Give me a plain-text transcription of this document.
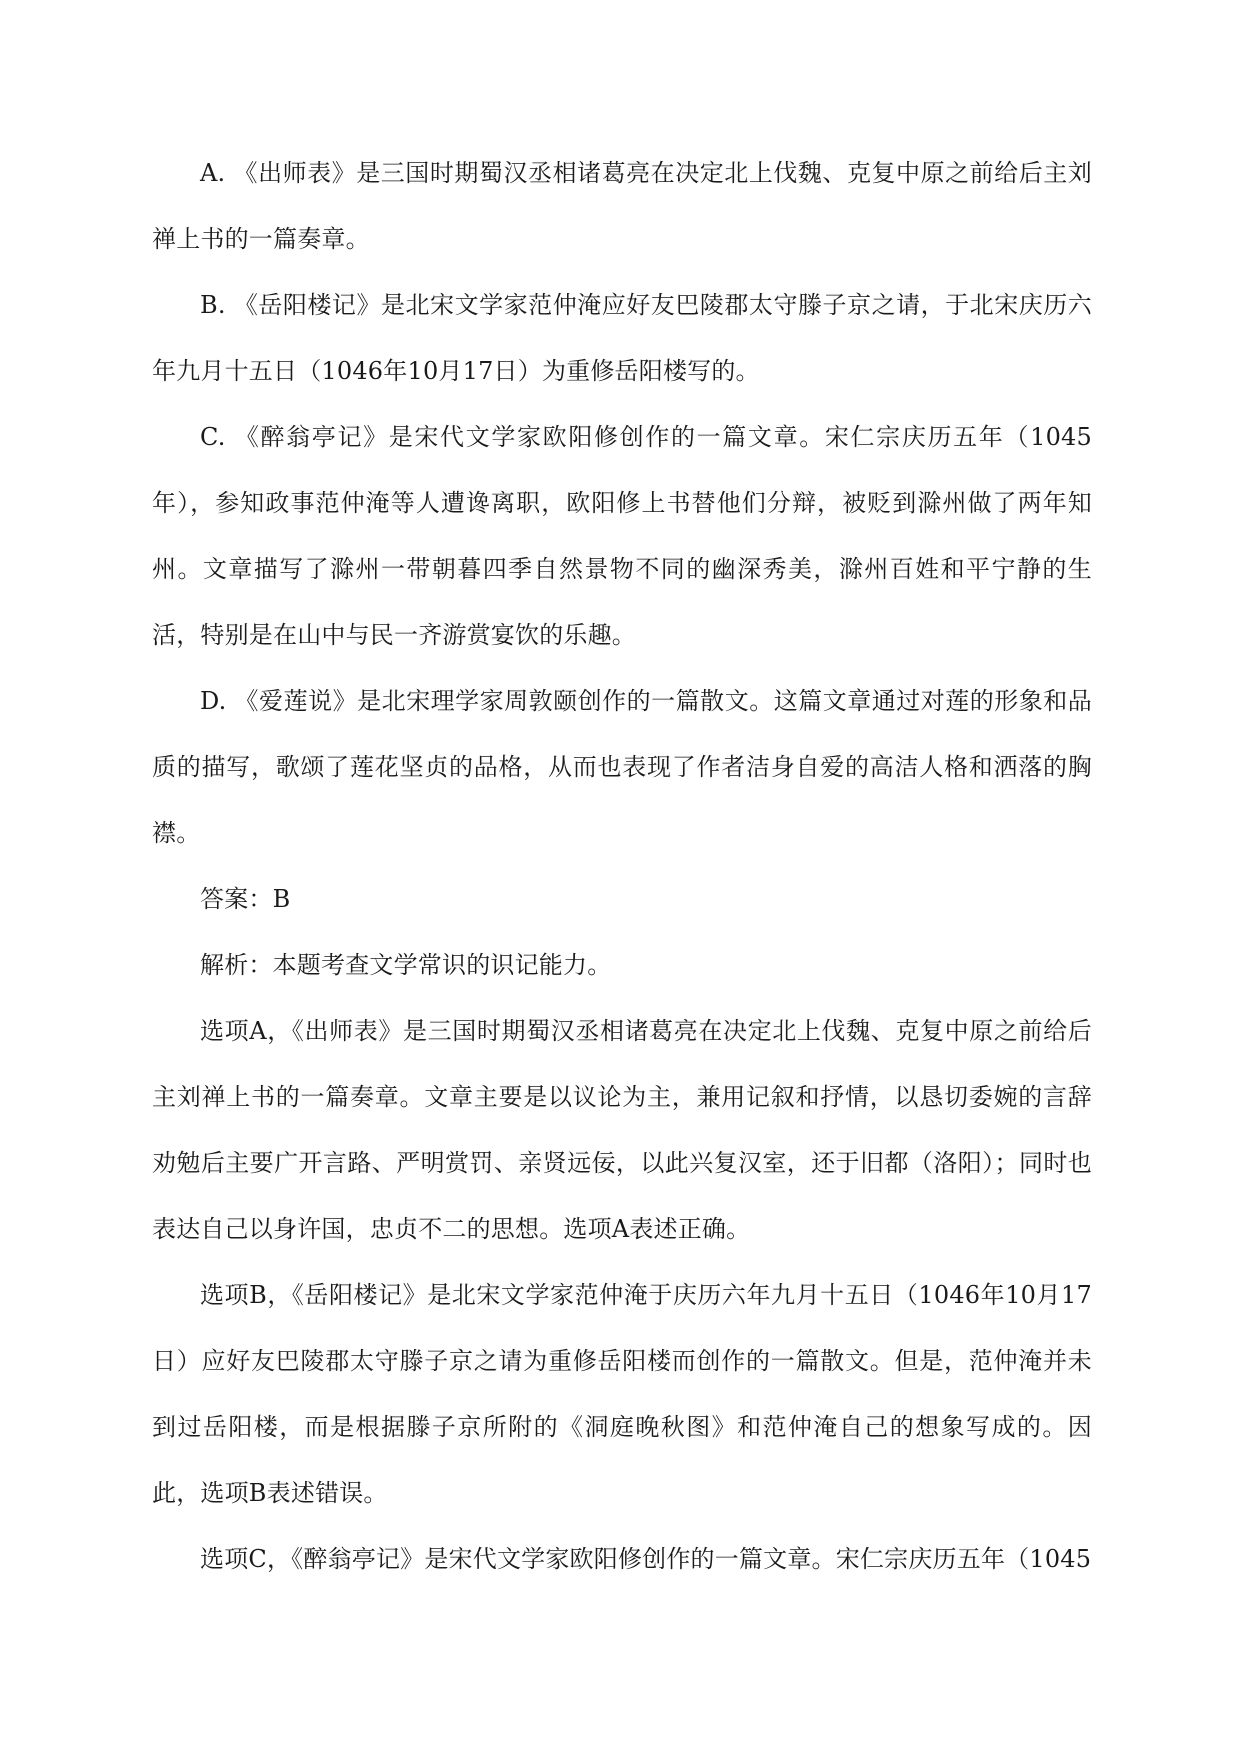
A. 《出师表》是三国时期蜀汉丞相诸葛亮在决定北上伐魏、克复中原之前给后主刘禅上书的一篇奏章。

B. 《岳阳楼记》是北宋文学家范仲淹应好友巴陵郡太守滕子京之请，于北宋庆历六年九月十五日（1046年10月17日）为重修岳阳楼写的。

C. 《醉翁亭记》是宋代文学家欧阳修创作的一篇文章。宋仁宗庆历五年（1045年），参知政事范仲淹等人遭谗离职，欧阳修上书替他们分辩，被贬到滁州做了两年知州。文章描写了滁州一带朝暮四季自然景物不同的幽深秀美，滁州百姓和平宁静的生活，特别是在山中与民一齐游赏宴饮的乐趣。

D. 《爱莲说》是北宋理学家周敦颐创作的一篇散文。这篇文章通过对莲的形象和品质的描写，歌颂了莲花坚贞的品格，从而也表现了作者洁身自爱的高洁人格和洒落的胸襟。

答案：B

解析：本题考查文学常识的识记能力。

选项A，《出师表》是三国时期蜀汉丞相诸葛亮在决定北上伐魏、克复中原之前给后主刘禅上书的一篇奏章。文章主要是以议论为主，兼用记叙和抒情，以恳切委婉的言辞劝勉后主要广开言路、严明赏罚、亲贤远佞，以此兴复汉室，还于旧都（洛阳）；同时也表达自己以身许国，忠贞不二的思想。选项A表述正确。

选项B，《岳阳楼记》是北宋文学家范仲淹于庆历六年九月十五日（1046年10月17日）应好友巴陵郡太守滕子京之请为重修岳阳楼而创作的一篇散文。但是，范仲淹并未到过岳阳楼，而是根据滕子京所附的《洞庭晚秋图》和范仲淹自己的想象写成的。因此，选项B表述错误。

选项C，《醉翁亭记》是宋代文学家欧阳修创作的一篇文章。宋仁宗庆历五年（1045
